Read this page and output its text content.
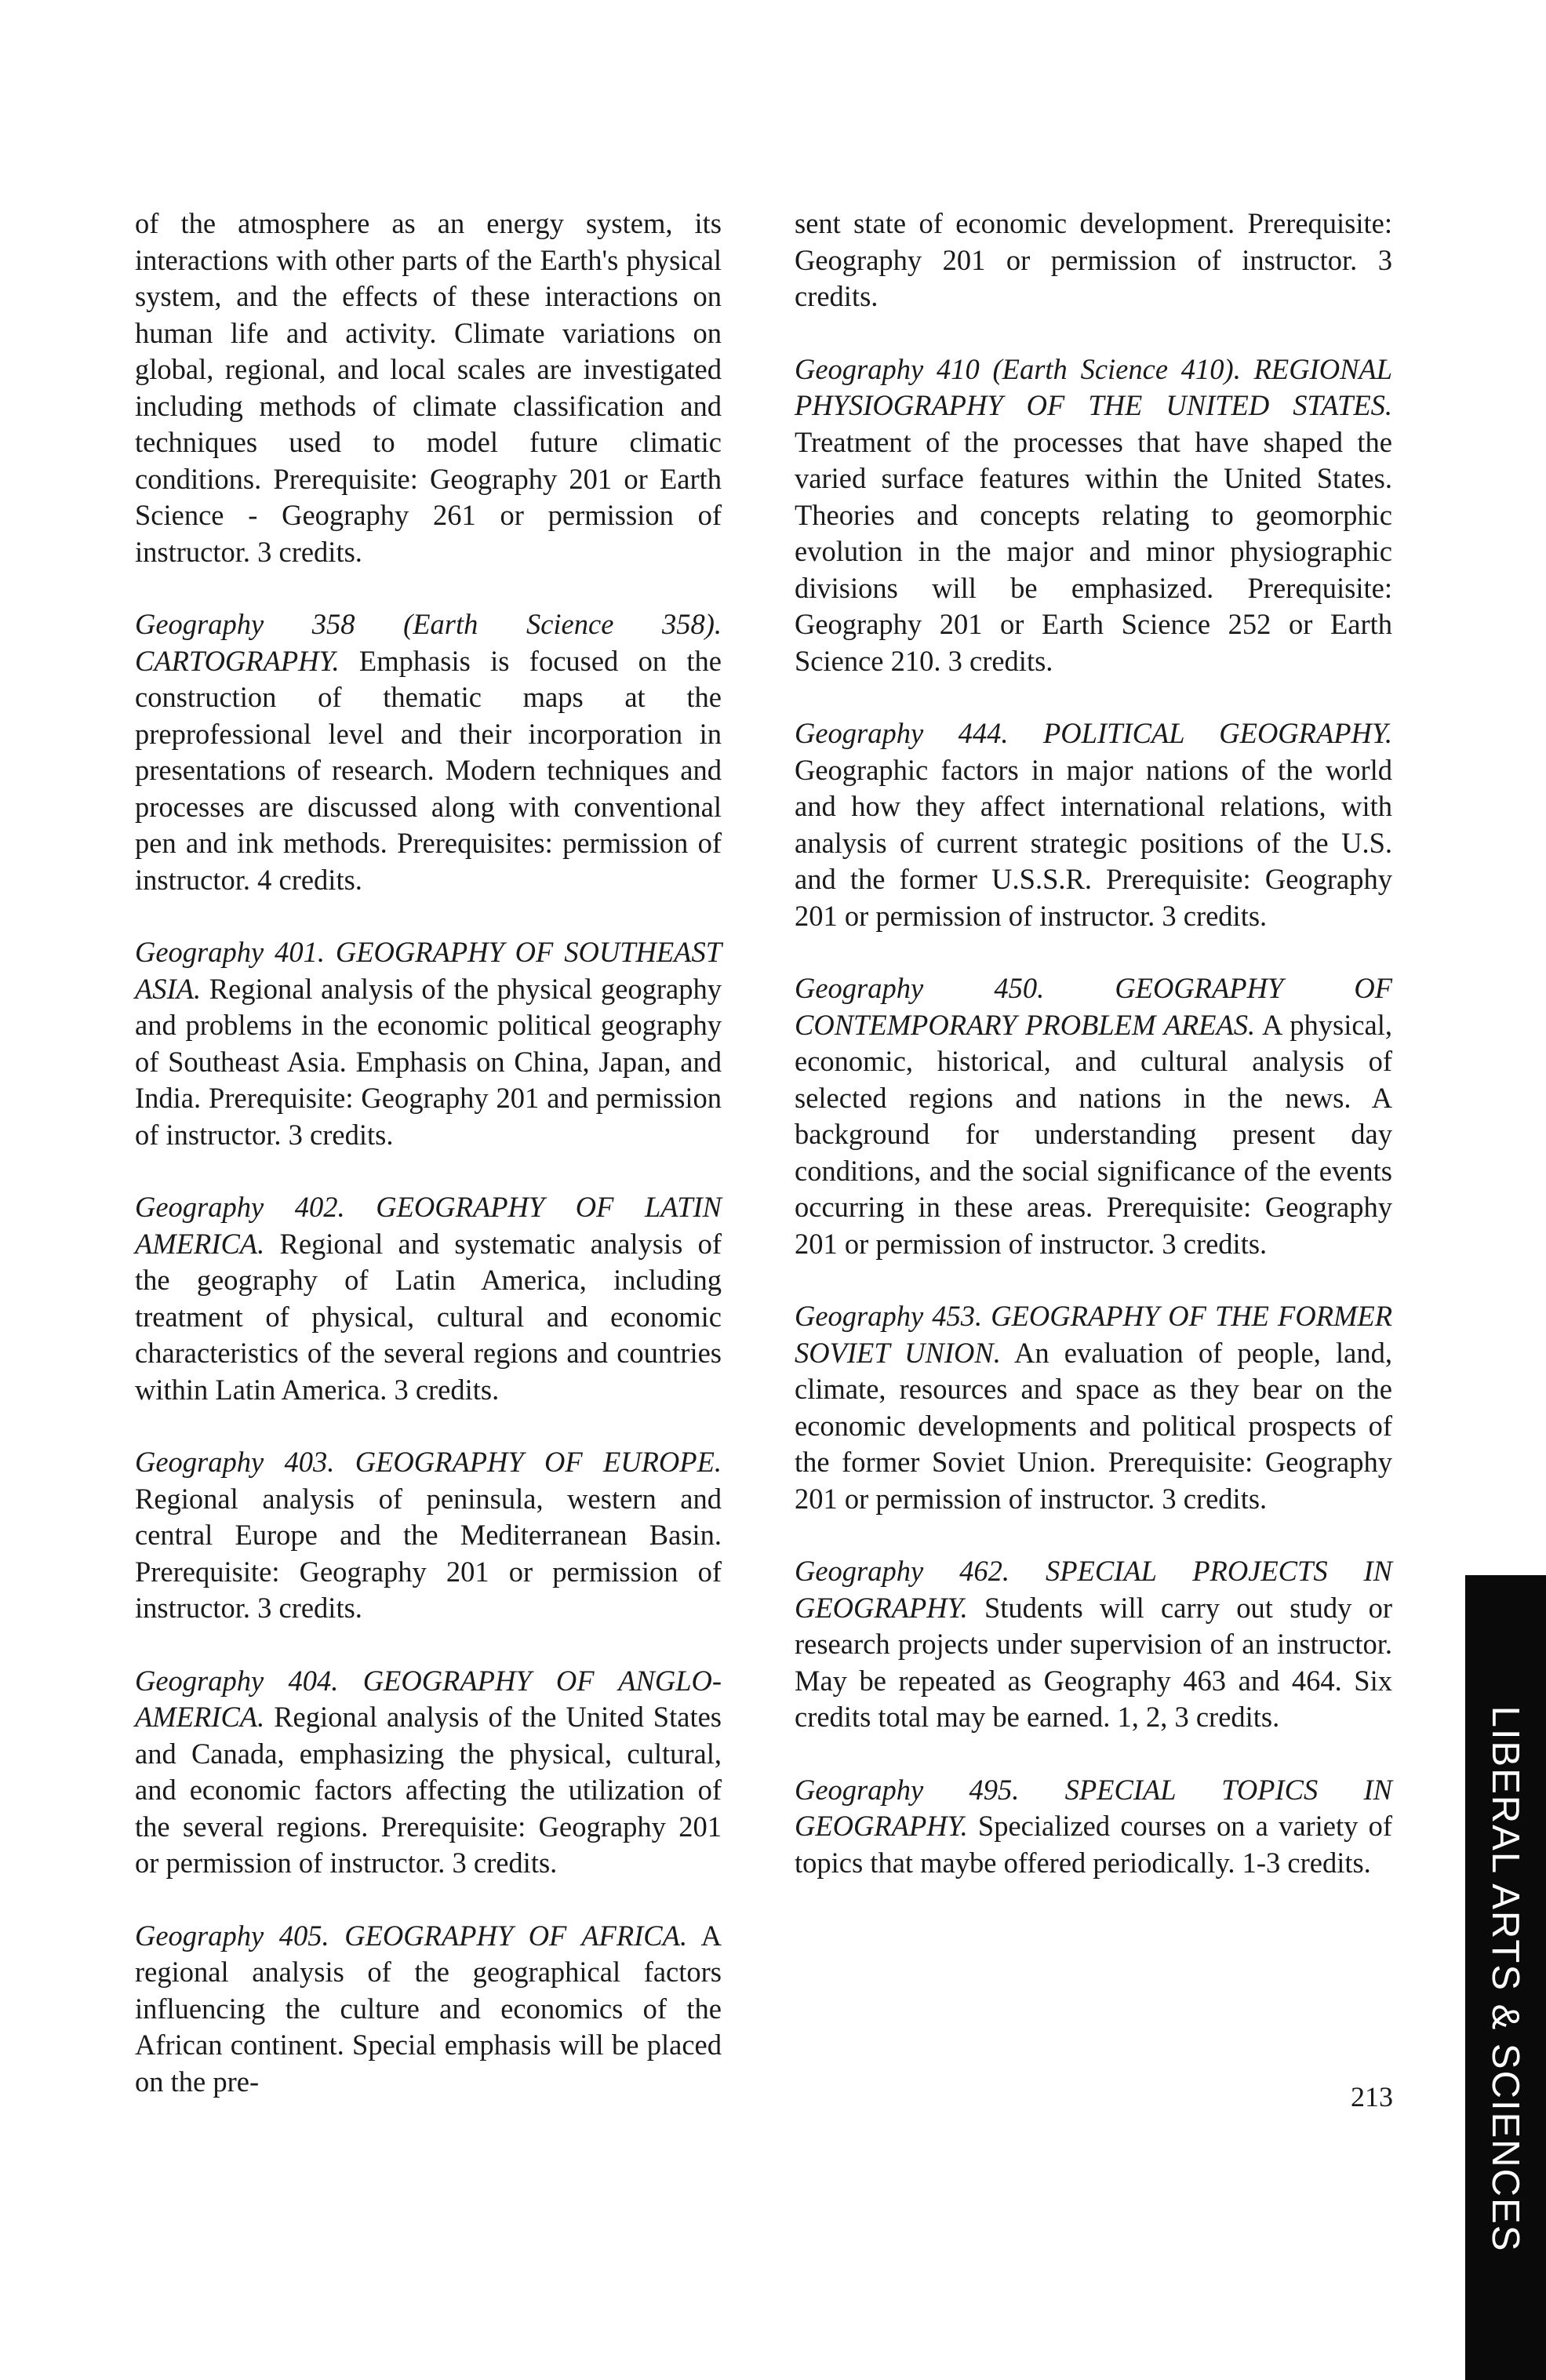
of the atmosphere as an energy system, its interactions with other parts of the Earth's physical system, and the effects of these interactions on human life and activity. Climate variations on global, regional, and local scales are investigated including methods of climate classification and techniques used to model future climatic conditions. Prerequisite: Geography 201 or Earth Science - Geography 261 or permission of instructor. 3 credits.

Geography 358 (Earth Science 358). CARTOGRAPHY. Emphasis is focused on the construction of thematic maps at the preprofessional level and their incorporation in presentations of research. Modern techniques and processes are discussed along with conventional pen and ink methods. Prerequisites: permission of instructor. 4 credits.

Geography 401. GEOGRAPHY OF SOUTHEAST ASIA. Regional analysis of the physical geography and problems in the economic political geography of Southeast Asia. Emphasis on China, Japan, and India. Prerequisite: Geography 201 and permission of instructor. 3 credits.

Geography 402. GEOGRAPHY OF LATIN AMERICA. Regional and systematic analysis of the geography of Latin America, including treatment of physical, cultural and economic characteristics of the several regions and countries within Latin America. 3 credits.

Geography 403. GEOGRAPHY OF EUROPE. Regional analysis of peninsula, western and central Europe and the Mediterranean Basin. Prerequisite: Geography 201 or permission of instructor. 3 credits.

Geography 404. GEOGRAPHY OF ANGLO-AMERICA. Regional analysis of the United States and Canada, emphasizing the physical, cultural, and economic factors affecting the utilization of the several regions. Prerequisite: Geography 201 or permission of instructor. 3 credits.

Geography 405. GEOGRAPHY OF AFRICA. A regional analysis of the geographical factors influencing the culture and economics of the African continent. Special emphasis will be placed on the pre-

sent state of economic development. Prerequisite: Geography 201 or permission of instructor. 3 credits.

Geography 410 (Earth Science 410). REGIONAL PHYSIOGRAPHY OF THE UNITED STATES. Treatment of the processes that have shaped the varied surface features within the United States. Theories and concepts relating to geomorphic evolution in the major and minor physiographic divisions will be emphasized. Prerequisite: Geography 201 or Earth Science 252 or Earth Science 210. 3 credits.

Geography 444. POLITICAL GEOGRAPHY. Geographic factors in major nations of the world and how they affect international relations, with analysis of current strategic positions of the U.S. and the former U.S.S.R. Prerequisite: Geography 201 or permission of instructor. 3 credits.

Geography 450. GEOGRAPHY OF CONTEMPORARY PROBLEM AREAS. A physical, economic, historical, and cultural analysis of selected regions and nations in the news. A background for understanding present day conditions, and the social significance of the events occurring in these areas. Prerequisite: Geography 201 or permission of instructor. 3 credits.

Geography 453. GEOGRAPHY OF THE FORMER SOVIET UNION. An evaluation of people, land, climate, resources and space as they bear on the economic developments and political prospects of the former Soviet Union. Prerequisite: Geography 201 or permission of instructor. 3 credits.

Geography 462. SPECIAL PROJECTS IN GEOGRAPHY. Students will carry out study or research projects under supervision of an instructor. May be repeated as Geography 463 and 464. Six credits total may be earned. 1, 2, 3 credits.

Geography 495. SPECIAL TOPICS IN GEOGRAPHY. Specialized courses on a variety of topics that maybe offered periodically. 1-3 credits.

213 LIBERAL ARTS & SCIENCES
